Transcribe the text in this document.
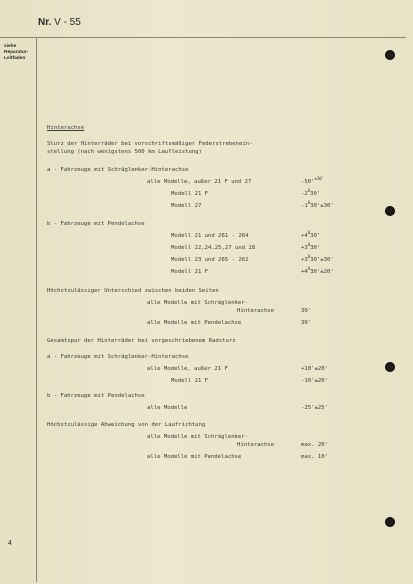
Nr. V - 55
siehe
Reparatur-
Leitfaden
4
Hinterachse
Sturz der Hinterräder bei vorschriftsmäßiger Federstrebenein-
stellung (nach wenigstens 500 km Laufleistung)
a - Fahrzeuge mit Schräglenker-Hinterachse
alle Modelle, außer 21 F und 27	$-50'^{\pm 30'}$
Modell 21 F	$-2^030'$
Modell 27	$-1^030'\pm 30'$
b - Fahrzeuge mit Pendelachse
Modell 21 und 261 - 264	$+4^030'$
Modell 22,24,25,27 und 28	$+3^030'$
Modell 23 und 265 - 262	$+3^030'\pm 30'$
Modell 21 F	$+4^030'\pm 20'$
Höchstzulässiger Unterschied zwischen beiden Seiten
alle Modelle mit Schräglenker-
Hinterachse	30'
alle Modelle mit Pendelachse	30'
Gesamtspur der Hinterräder bei vorgeschriebenem Radsturz
a - Fahrzeuge mit Schräglenker-Hinterachse
alle Modelle, außer 21 F	+10'±20'
Modell 21 F	-10'±20'
b - Fahrzeuge mit Pendelachse
alle Modelle	-25'±25'
Höchstzulässige Abweichung von der Laufrichtung
alle Modelle mit Schräglenker-
Hinterachse	max. 20'
alle Modelle mit Pendelachse	max. 10'
